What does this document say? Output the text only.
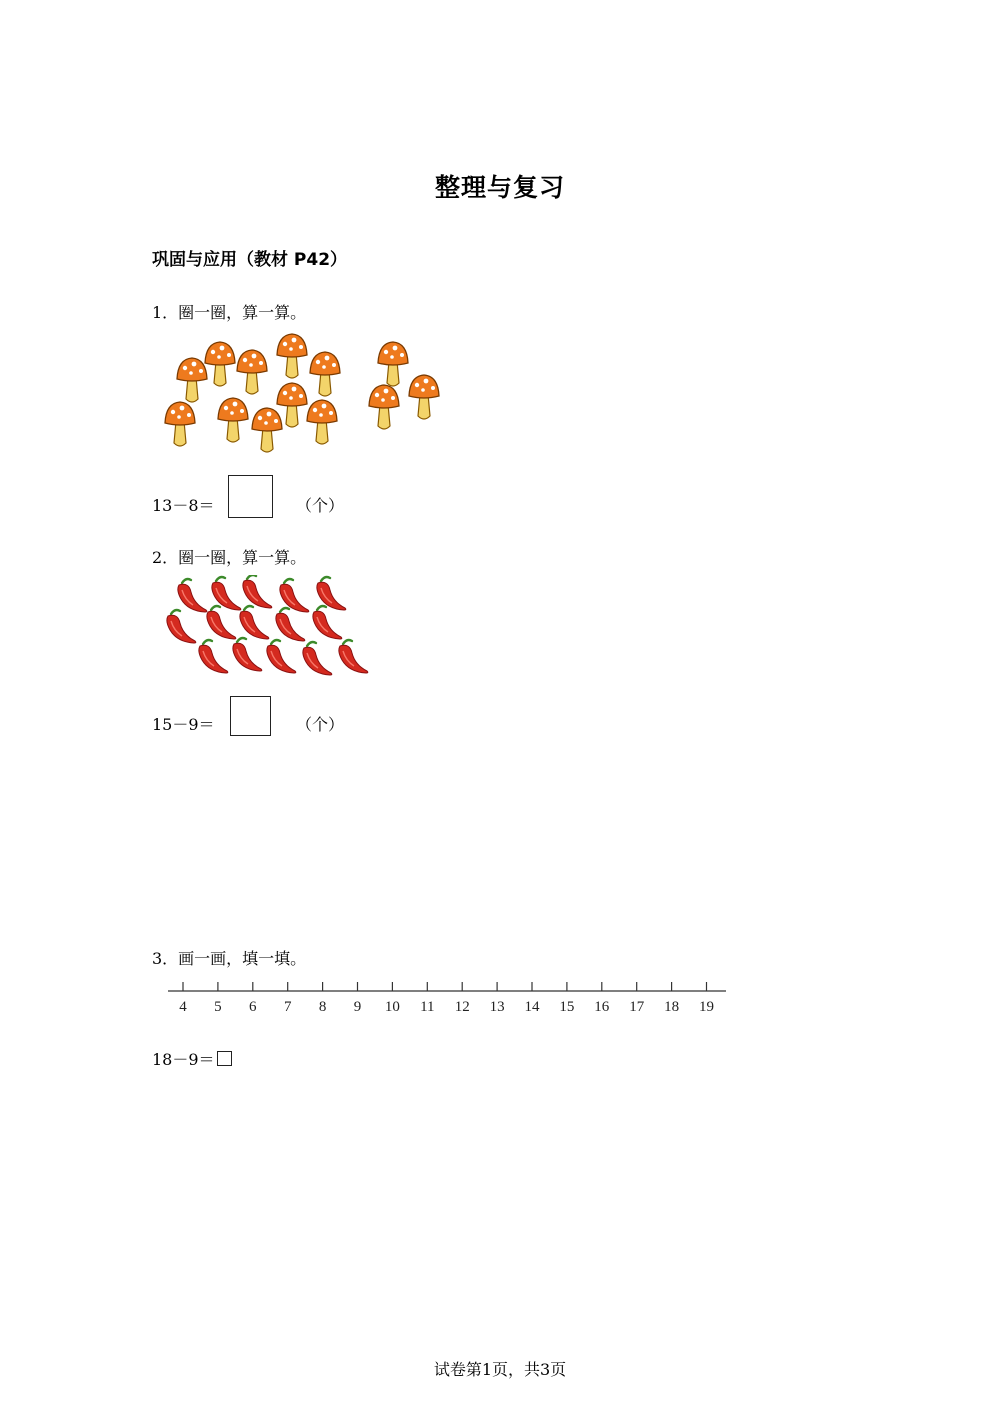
整理与复习
巩固与应用（教材 P42）
1．圈一圈，算一算。
13－8＝	（个）
2．圈一圈，算一算。
15－9＝	（个）
3．画一画，填一填。
4 5 6 7 8 9 10 11 12 13 14 15 16 17 18 19
18－9＝
试卷第1页，共3页
